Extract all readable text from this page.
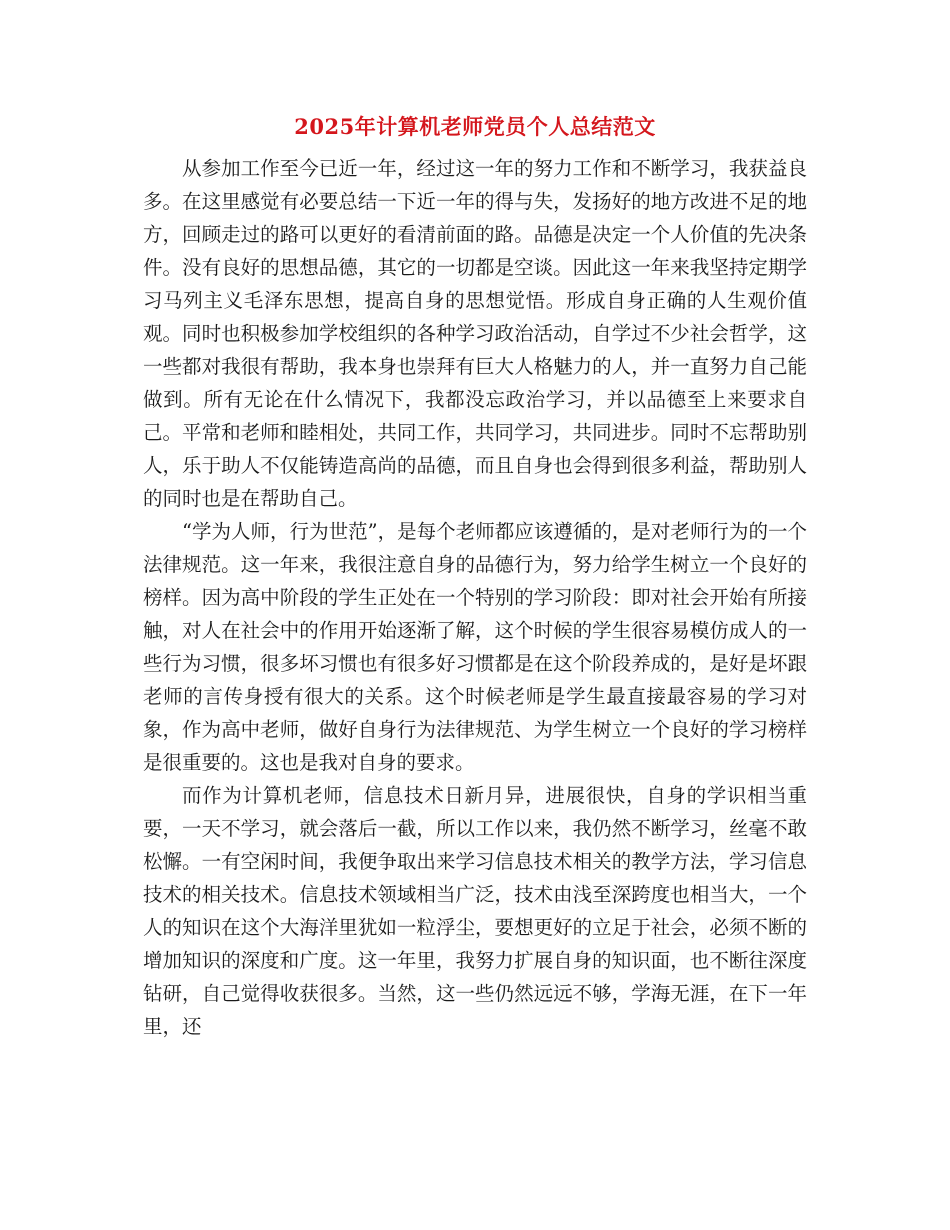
2025年计算机老师党员个人总结范文

从参加工作至今已近一年，经过这一年的努力工作和不断学习，我获益良多。在这里感觉有必要总结一下近一年的得与失，发扬好的地方改进不足的地方，回顾走过的路可以更好的看清前面的路。品德是决定一个人价值的先决条件。没有良好的思想品德，其它的一切都是空谈。因此这一年来我坚持定期学习马列主义毛泽东思想，提高自身的思想觉悟。形成自身正确的人生观价值观。同时也积极参加学校组织的各种学习政治活动，自学过不少社会哲学，这一些都对我很有帮助，我本身也崇拜有巨大人格魅力的人，并一直努力自己能做到。所有无论在什么情况下，我都没忘政治学习，并以品德至上来要求自己。平常和老师和睦相处，共同工作，共同学习，共同进步。同时不忘帮助别人，乐于助人不仅能铸造高尚的品德，而且自身也会得到很多利益，帮助别人的同时也是在帮助自己。

“学为人师，行为世范”，是每个老师都应该遵循的，是对老师行为的一个法律规范。这一年来，我很注意自身的品德行为，努力给学生树立一个良好的榜样。因为高中阶段的学生正处在一个特别的学习阶段：即对社会开始有所接触，对人在社会中的作用开始逐渐了解，这个时候的学生很容易模仿成人的一些行为习惯，很多坏习惯也有很多好习惯都是在这个阶段养成的，是好是坏跟老师的言传身授有很大的关系。这个时候老师是学生最直接最容易的学习对象，作为高中老师，做好自身行为法律规范、为学生树立一个良好的学习榜样是很重要的。这也是我对自身的要求。

而作为计算机老师，信息技术日新月异，进展很快，自身的学识相当重要，一天不学习，就会落后一截，所以工作以来，我仍然不断学习，丝毫不敢松懈。一有空闲时间，我便争取出来学习信息技术相关的教学方法，学习信息技术的相关技术。信息技术领域相当广泛，技术由浅至深跨度也相当大，一个人的知识在这个大海洋里犹如一粒浮尘，要想更好的立足于社会，必须不断的增加知识的深度和广度。这一年里，我努力扩展自身的知识面，也不断往深度钻研，自己觉得收获很多。当然，这一些仍然远远不够，学海无涯，在下一年里，还
